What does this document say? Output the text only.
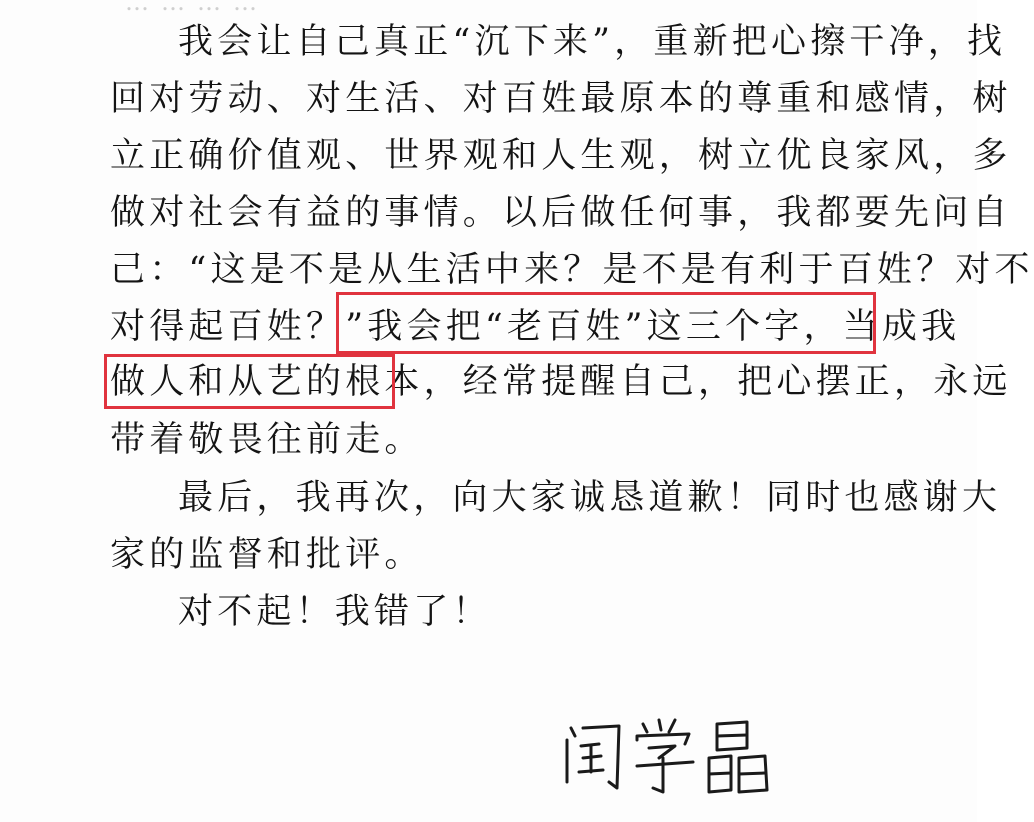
…………
我会让自己真正“沉下来”，重新把心擦干净，找
回对劳动、对生活、对百姓最原本的尊重和感情，树
立正确价值观、世界观和人生观，树立优良家风，多
做对社会有益的事情。以后做任何事，我都要先问自
己：“这是不是从生活中来？是不是有利于百姓？对不
对得起百姓？”我会把“老百姓”这三个字，当成我
做人和从艺的根本，经常提醒自己，把心摆正，永远
带着敬畏往前走。
最后，我再次，向大家诚恳道歉！同时也感谢大
家的监督和批评。
对不起！我错了！
